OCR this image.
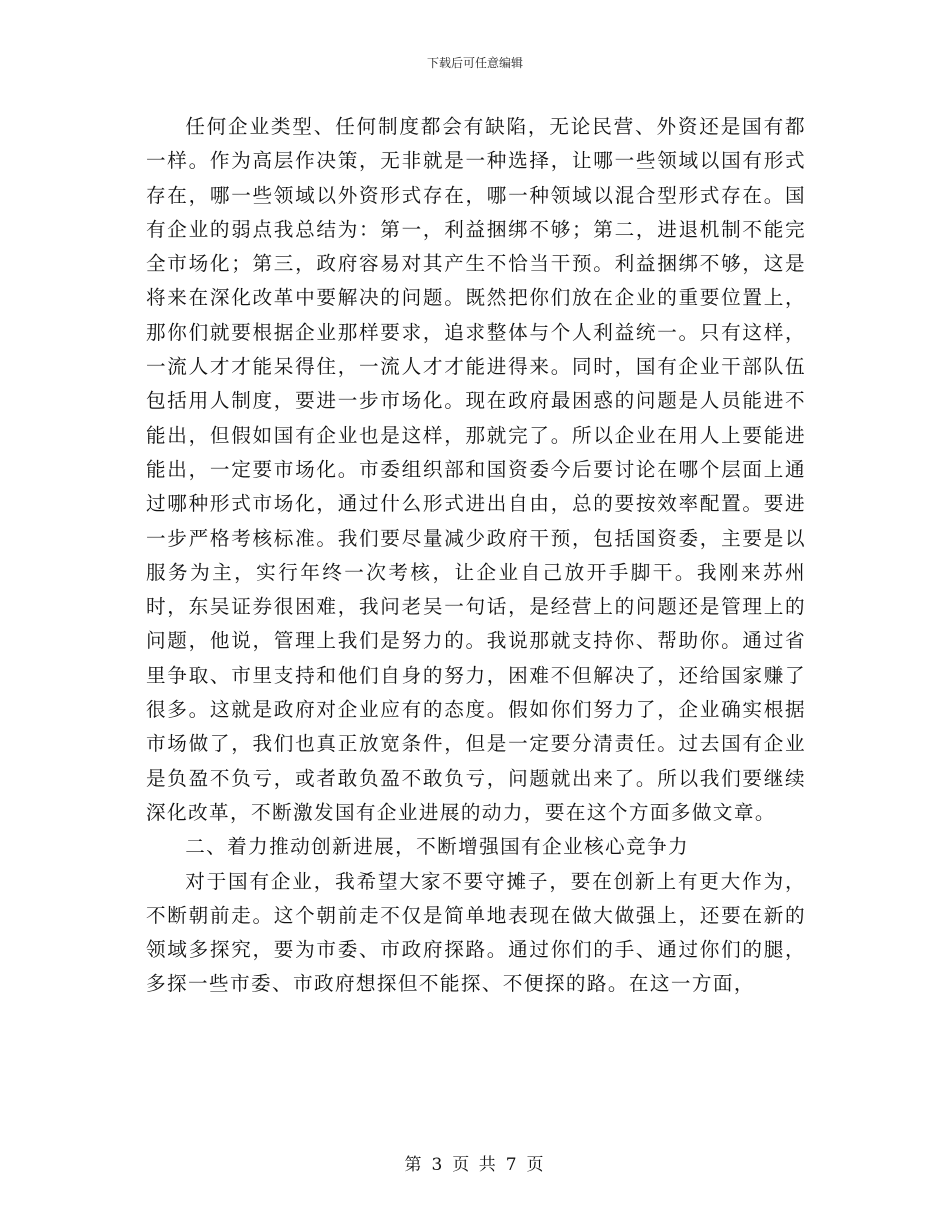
下载后可任意编辑

任何企业类型、任何制度都会有缺陷，无论民营、外资还是国有都一样。作为高层作决策，无非就是一种选择，让哪一些领域以国有形式存在，哪一些领域以外资形式存在，哪一种领域以混合型形式存在。国有企业的弱点我总结为：第一，利益捆绑不够；第二，进退机制不能完全市场化；第三，政府容易对其产生不恰当干预。利益捆绑不够，这是将来在深化改革中要解决的问题。既然把你们放在企业的重要位置上，那你们就要根据企业那样要求，追求整体与个人利益统一。只有这样，一流人才才能呆得住，一流人才才能进得来。同时，国有企业干部队伍包括用人制度，要进一步市场化。现在政府最困惑的问题是人员能进不能出，但假如国有企业也是这样，那就完了。所以企业在用人上要能进能出，一定要市场化。市委组织部和国资委今后要讨论在哪个层面上通过哪种形式市场化，通过什么形式进出自由，总的要按效率配置。要进一步严格考核标准。我们要尽量减少政府干预，包括国资委，主要是以服务为主，实行年终一次考核，让企业自己放开手脚干。我刚来苏州时，东吴证券很困难，我问老吴一句话，是经营上的问题还是管理上的问题，他说，管理上我们是努力的。我说那就支持你、帮助你。通过省里争取、市里支持和他们自身的努力，困难不但解决了，还给国家赚了很多。这就是政府对企业应有的态度。假如你们努力了，企业确实根据市场做了，我们也真正放宽条件，但是一定要分清责任。过去国有企业是负盈不负亏，或者敢负盈不敢负亏，问题就出来了。所以我们要继续深化改革，不断激发国有企业进展的动力，要在这个方面多做文章。

二、着力推动创新进展，不断增强国有企业核心竞争力

对于国有企业，我希望大家不要守摊子，要在创新上有更大作为，不断朝前走。这个朝前走不仅是简单地表现在做大做强上，还要在新的领域多探究，要为市委、市政府探路。通过你们的手、通过你们的腿，多探一些市委、市政府想探但不能探、不便探的路。在这一方面，

第 3 页 共 7 页
